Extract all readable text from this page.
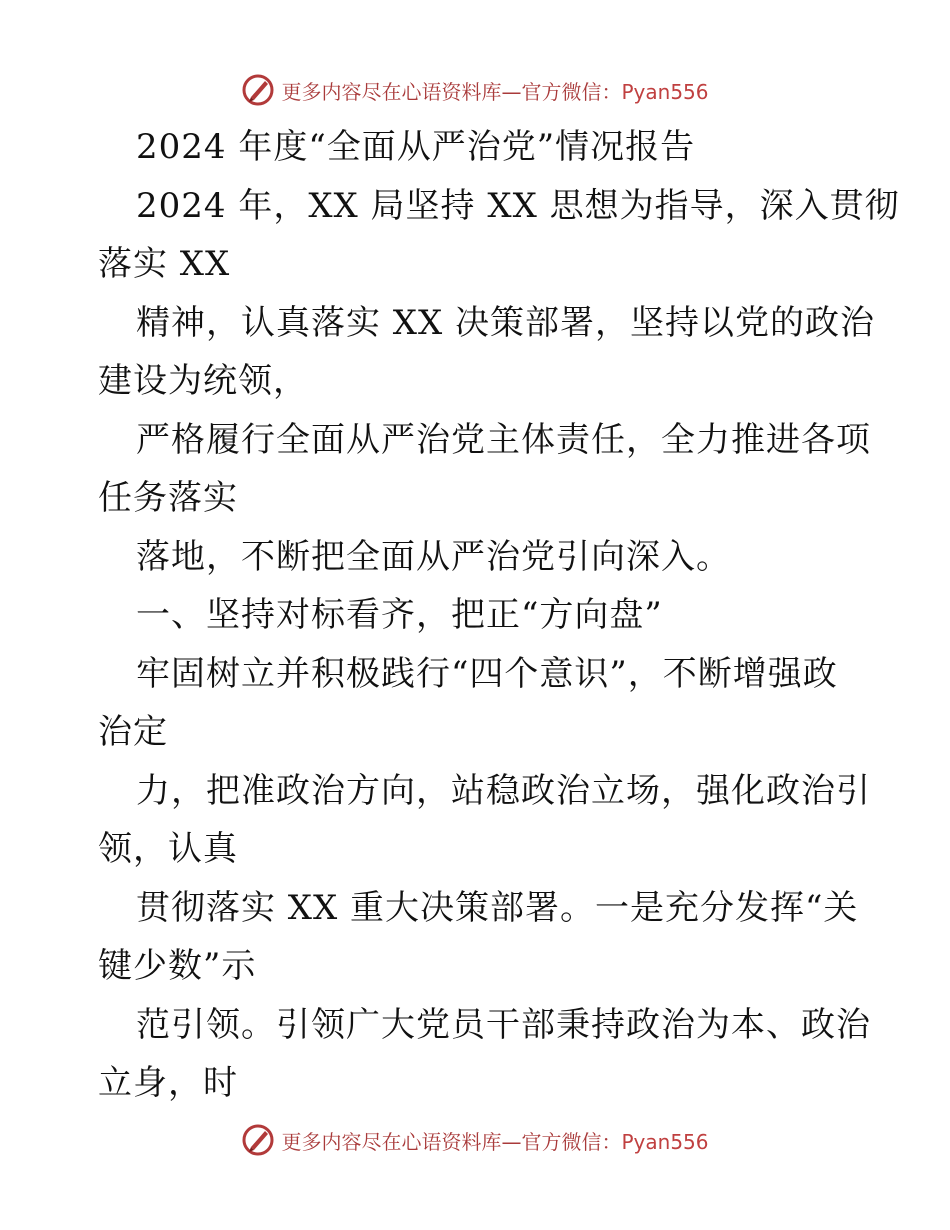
更多内容尽在心语资料库—官方微信：Pyan556
2024 年度“全面从严治党”情况报告
2024 年，XX 局坚持 XX 思想为指导，深入贯彻
落实 XX
精神，认真落实 XX 决策部署，坚持以党的政治
建设为统领，
严格履行全面从严治党主体责任，全力推进各项
任务落实
落地，不断把全面从严治党引向深入。
一、坚持对标看齐，把正“方向盘”
牢固树立并积极践行“四个意识”，不断增强政
治定
力，把准政治方向，站稳政治立场，强化政治引
领，认真
贯彻落实 XX 重大决策部署。一是充分发挥“关
键少数”示
范引领。引领广大党员干部秉持政治为本、政治
立身，时
更多内容尽在心语资料库—官方微信：Pyan556
